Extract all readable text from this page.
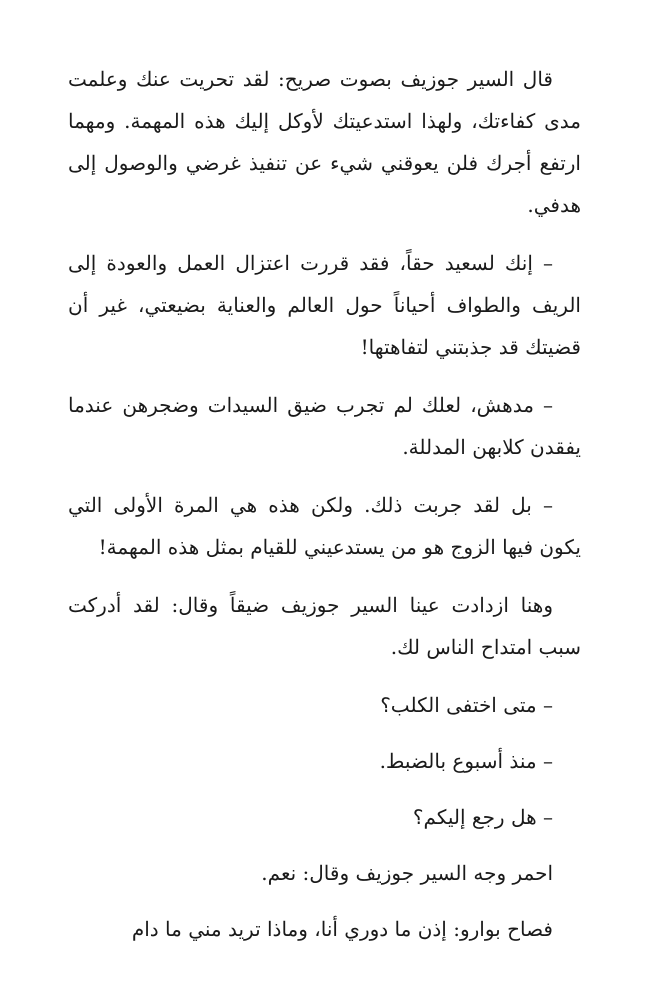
قال السير جوزيف بصوت صريح: لقد تحريت عنك وعلمت مدى كفاءتك، ولهذا استدعيتك لأوكل إليك هذه المهمة. ومهما ارتفع أجرك فلن يعوقني شيء عن تنفيذ غرضي والوصول إلى هدفي.

– إنك لسعيد حقاً، فقد قررت اعتزال العمل والعودة إلى الريف والطواف أحياناً حول العالم والعناية بضيعتي، غير أن قضيتك قد جذبتني لتفاهتها!

– مدهش، لعلك لم تجرب ضيق السيدات وضجرهن عندما يفقدن كلابهن المدللة.

– بل لقد جربت ذلك. ولكن هذه هي المرة الأولى التي يكون فيها الزوج هو من يستدعيني للقيام بمثل هذه المهمة!

وهنا ازدادت عينا السير جوزيف ضيقاً وقال: لقد أدركت سبب امتداح الناس لك.

– متى اختفى الكلب؟

– منذ أسبوع بالضبط.

– هل رجع إليكم؟

احمر وجه السير جوزيف وقال: نعم.

فصاح بوارو: إذن ما دوري أنا، وماذا تريد مني ما دام
